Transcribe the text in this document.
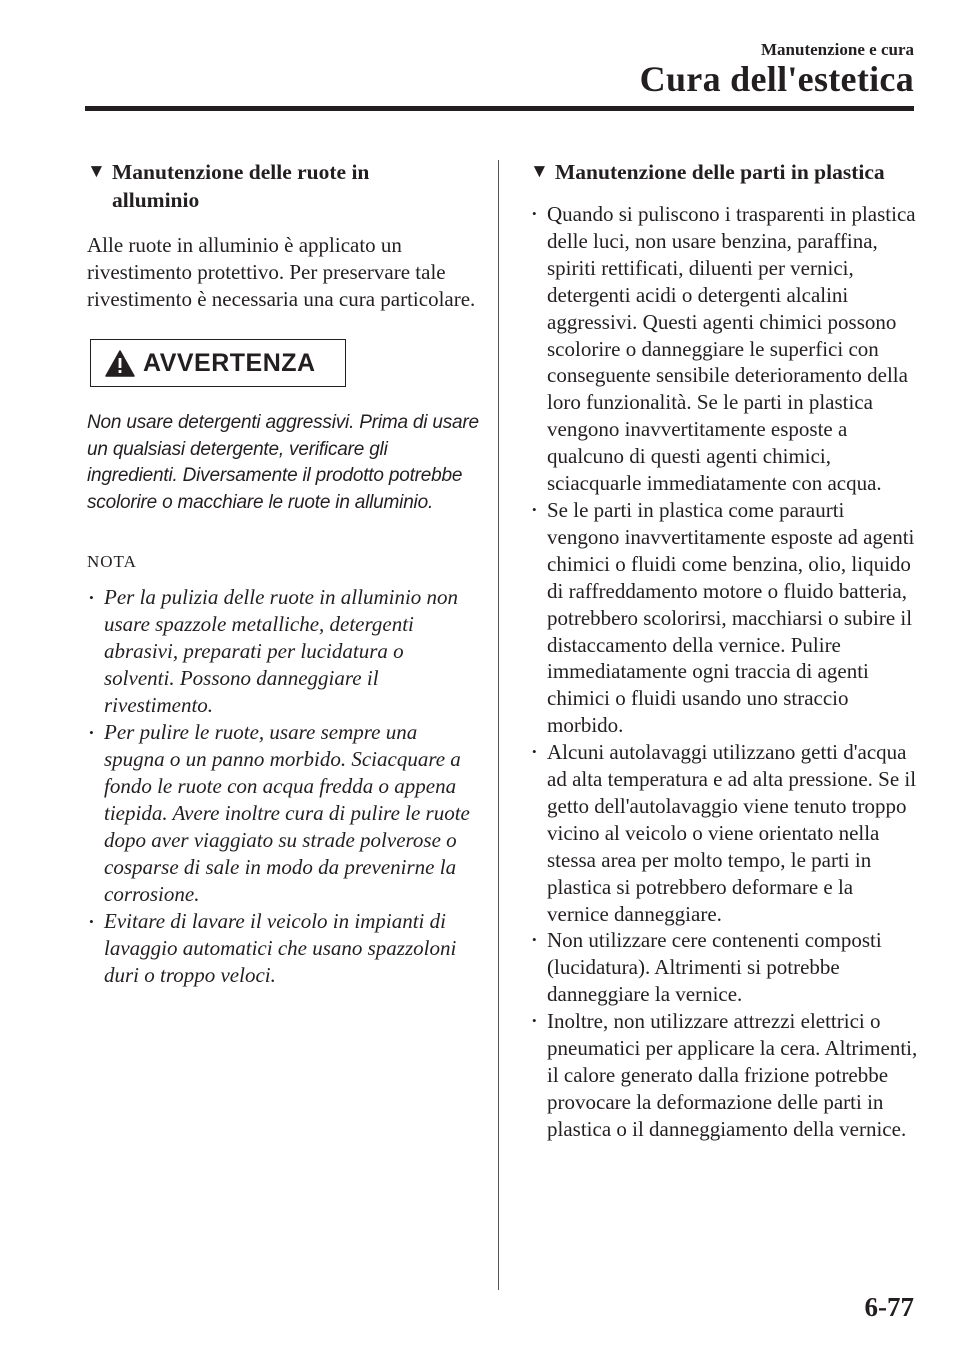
Manutenzione e cura
Cura dell'estetica
▼ Manutenzione delle ruote in
alluminio

Alle ruote in alluminio è applicato un rivestimento protettivo. Per preservare tale rivestimento è necessaria una cura particolare.

AVVERTENZA

Non usare detergenti aggressivi. Prima di usare un qualsiasi detergente, verificare gli ingredienti. Diversamente il prodotto potrebbe scolorire o macchiare le ruote in alluminio.

NOTA
• Per la pulizia delle ruote in alluminio non usare spazzole metalliche, detergenti abrasivi, preparati per lucidatura o solventi. Possono danneggiare il rivestimento.
• Per pulire le ruote, usare sempre una spugna o un panno morbido. Sciacquare a fondo le ruote con acqua fredda o appena tiepida. Avere inoltre cura di pulire le ruote dopo aver viaggiato su strade polverose o cosparse di sale in modo da prevenirne la corrosione.
• Evitare di lavare il veicolo in impianti di lavaggio automatici che usano spazzoloni duri o troppo veloci.
▼ Manutenzione delle parti in plastica
• Quando si puliscono i trasparenti in plastica delle luci, non usare benzina, paraffina, spiriti rettificati, diluenti per vernici, detergenti acidi o detergenti alcalini aggressivi. Questi agenti chimici possono scolorire o danneggiare le superfici con conseguente sensibile deterioramento della loro funzionalità. Se le parti in plastica vengono inavvertitamente esposte a qualcuno di questi agenti chimici, sciacquarle immediatamente con acqua.
• Se le parti in plastica come paraurti vengono inavvertitamente esposte ad agenti chimici o fluidi come benzina, olio, liquido di raffreddamento motore o fluido batteria, potrebbero scolorirsi, macchiarsi o subire il distaccamento della vernice. Pulire immediatamente ogni traccia di agenti chimici o fluidi usando uno straccio morbido.
• Alcuni autolavaggi utilizzano getti d'acqua ad alta temperatura e ad alta pressione. Se il getto dell'autolavaggio viene tenuto troppo vicino al veicolo o viene orientato nella stessa area per molto tempo, le parti in plastica si potrebbero deformare e la vernice danneggiare.
• Non utilizzare cere contenenti composti (lucidatura). Altrimenti si potrebbe danneggiare la vernice.
• Inoltre, non utilizzare attrezzi elettrici o pneumatici per applicare la cera. Altrimenti, il calore generato dalla frizione potrebbe provocare la deformazione delle parti in plastica o il danneggiamento della vernice.
6-77
